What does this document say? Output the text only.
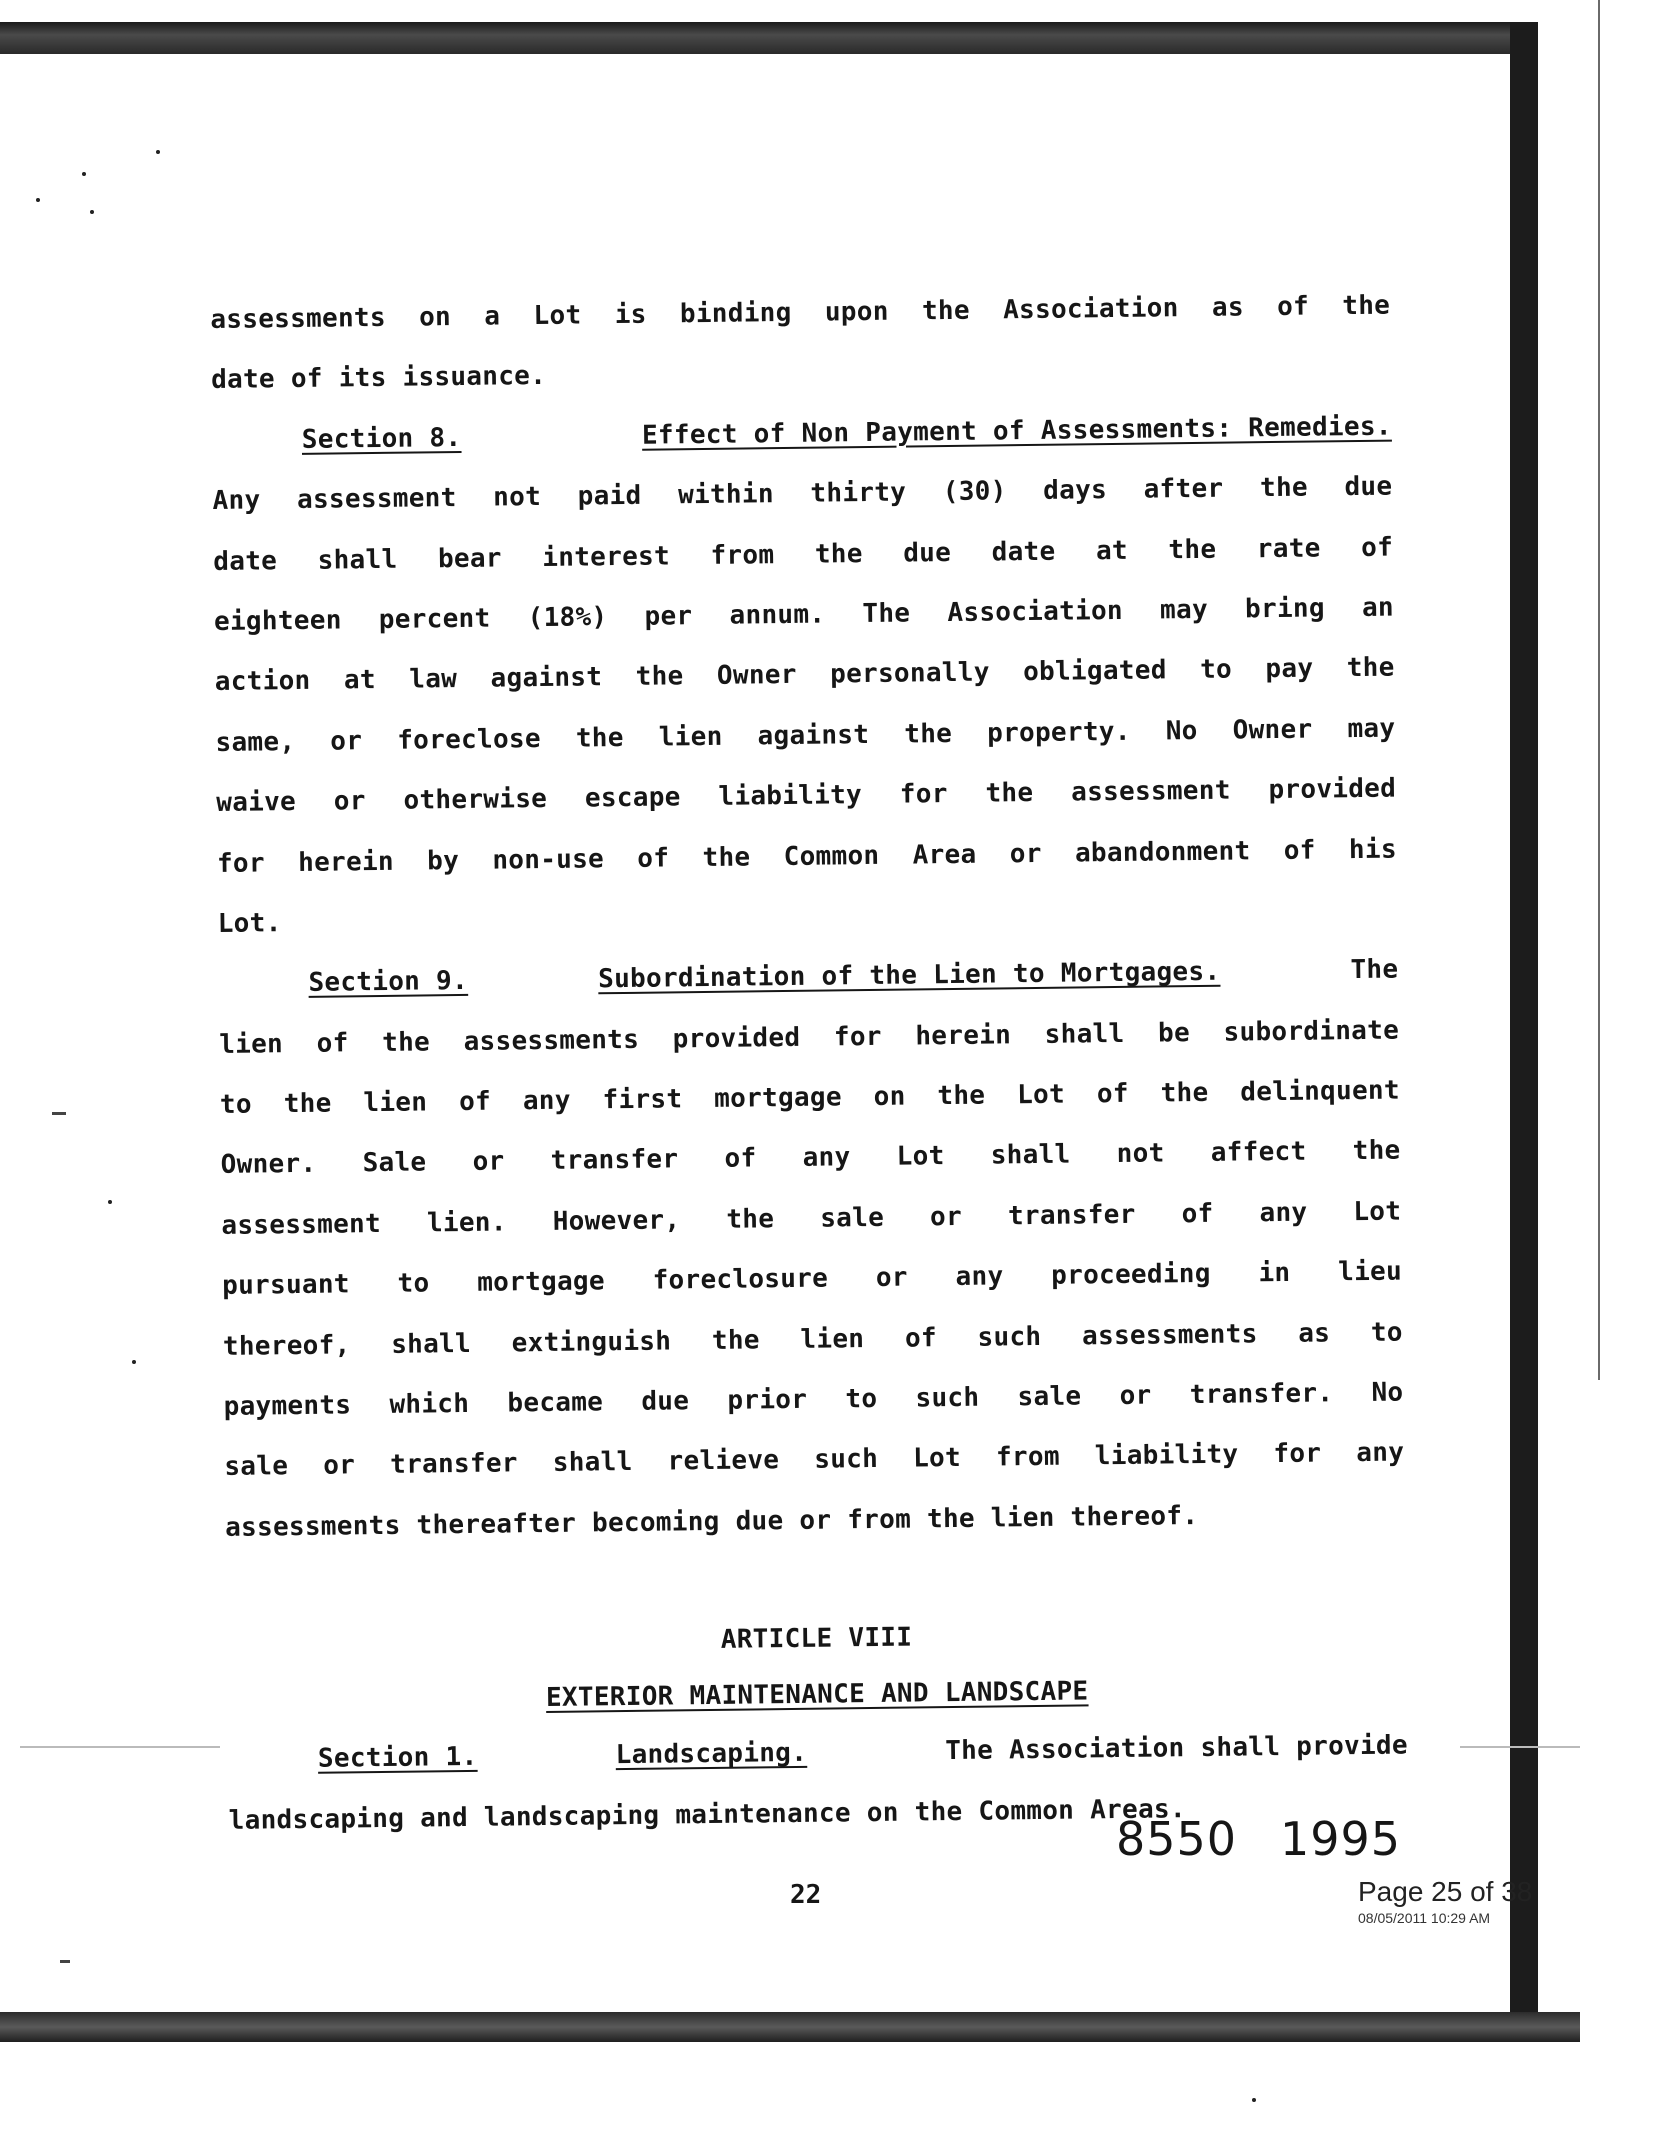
assessments on a Lot is binding upon the Association as of the
date of its issuance.
Section 8.	Effect of Non Payment of Assessments: Remedies.
Any assessment not paid within thirty (30) days after the due
date shall bear interest from the due date at the rate of
eighteen percent (18%) per annum. The Association may bring an
action at law against the Owner personally obligated to pay the
same, or foreclose the lien against the property. No Owner may
waive or otherwise escape liability for the assessment provided
for herein by non-use of the Common Area or abandonment of his
Lot.
Section 9.	Subordination of the Lien to Mortgages.	The
lien of the assessments provided for herein shall be subordinate
to the lien of any first mortgage on the Lot of the delinquent
Owner. Sale or transfer of any Lot shall not affect the
assessment lien. However, the sale or transfer of any Lot
pursuant to mortgage foreclosure or any proceeding in lieu
thereof, shall extinguish the lien of such assessments as to
payments which became due prior to such sale or transfer. No
sale or transfer shall relieve such Lot from liability for any
assessments thereafter becoming due or from the lien thereof.
ARTICLE VIII
EXTERIOR MAINTENANCE AND LANDSCAPE
Section 1.	Landscaping.	The Association shall provide
landscaping and landscaping maintenance on the Common Areas.
8550 1995
22	Page 25 of 38
08/05/2011 10:29 AM
